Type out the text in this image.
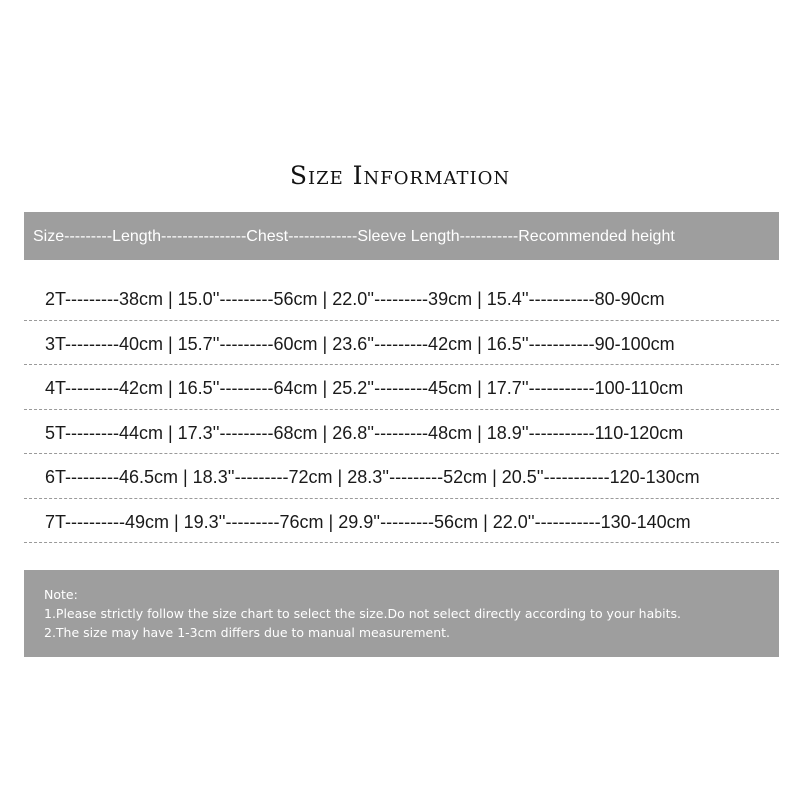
Size Information
Size---------Length----------------Chest-------------Sleeve Length-----------Recommended height
2T---------38cm | 15.0''---------56cm | 22.0''---------39cm | 15.4''-----------80-90cm
3T---------40cm | 15.7''---------60cm | 23.6''---------42cm | 16.5''-----------90-100cm
4T---------42cm | 16.5''---------64cm | 25.2''---------45cm | 17.7''-----------100-110cm
5T---------44cm | 17.3''---------68cm | 26.8''---------48cm | 18.9''-----------110-120cm
6T---------46.5cm | 18.3''---------72cm | 28.3''---------52cm | 20.5''-----------120-130cm
7T----------49cm | 19.3''---------76cm | 29.9''---------56cm | 22.0''-----------130-140cm
Note:
1.Please strictly follow the size chart to select the size.Do not select directly according to your habits.
2.The size may have 1-3cm differs due to manual measurement.
